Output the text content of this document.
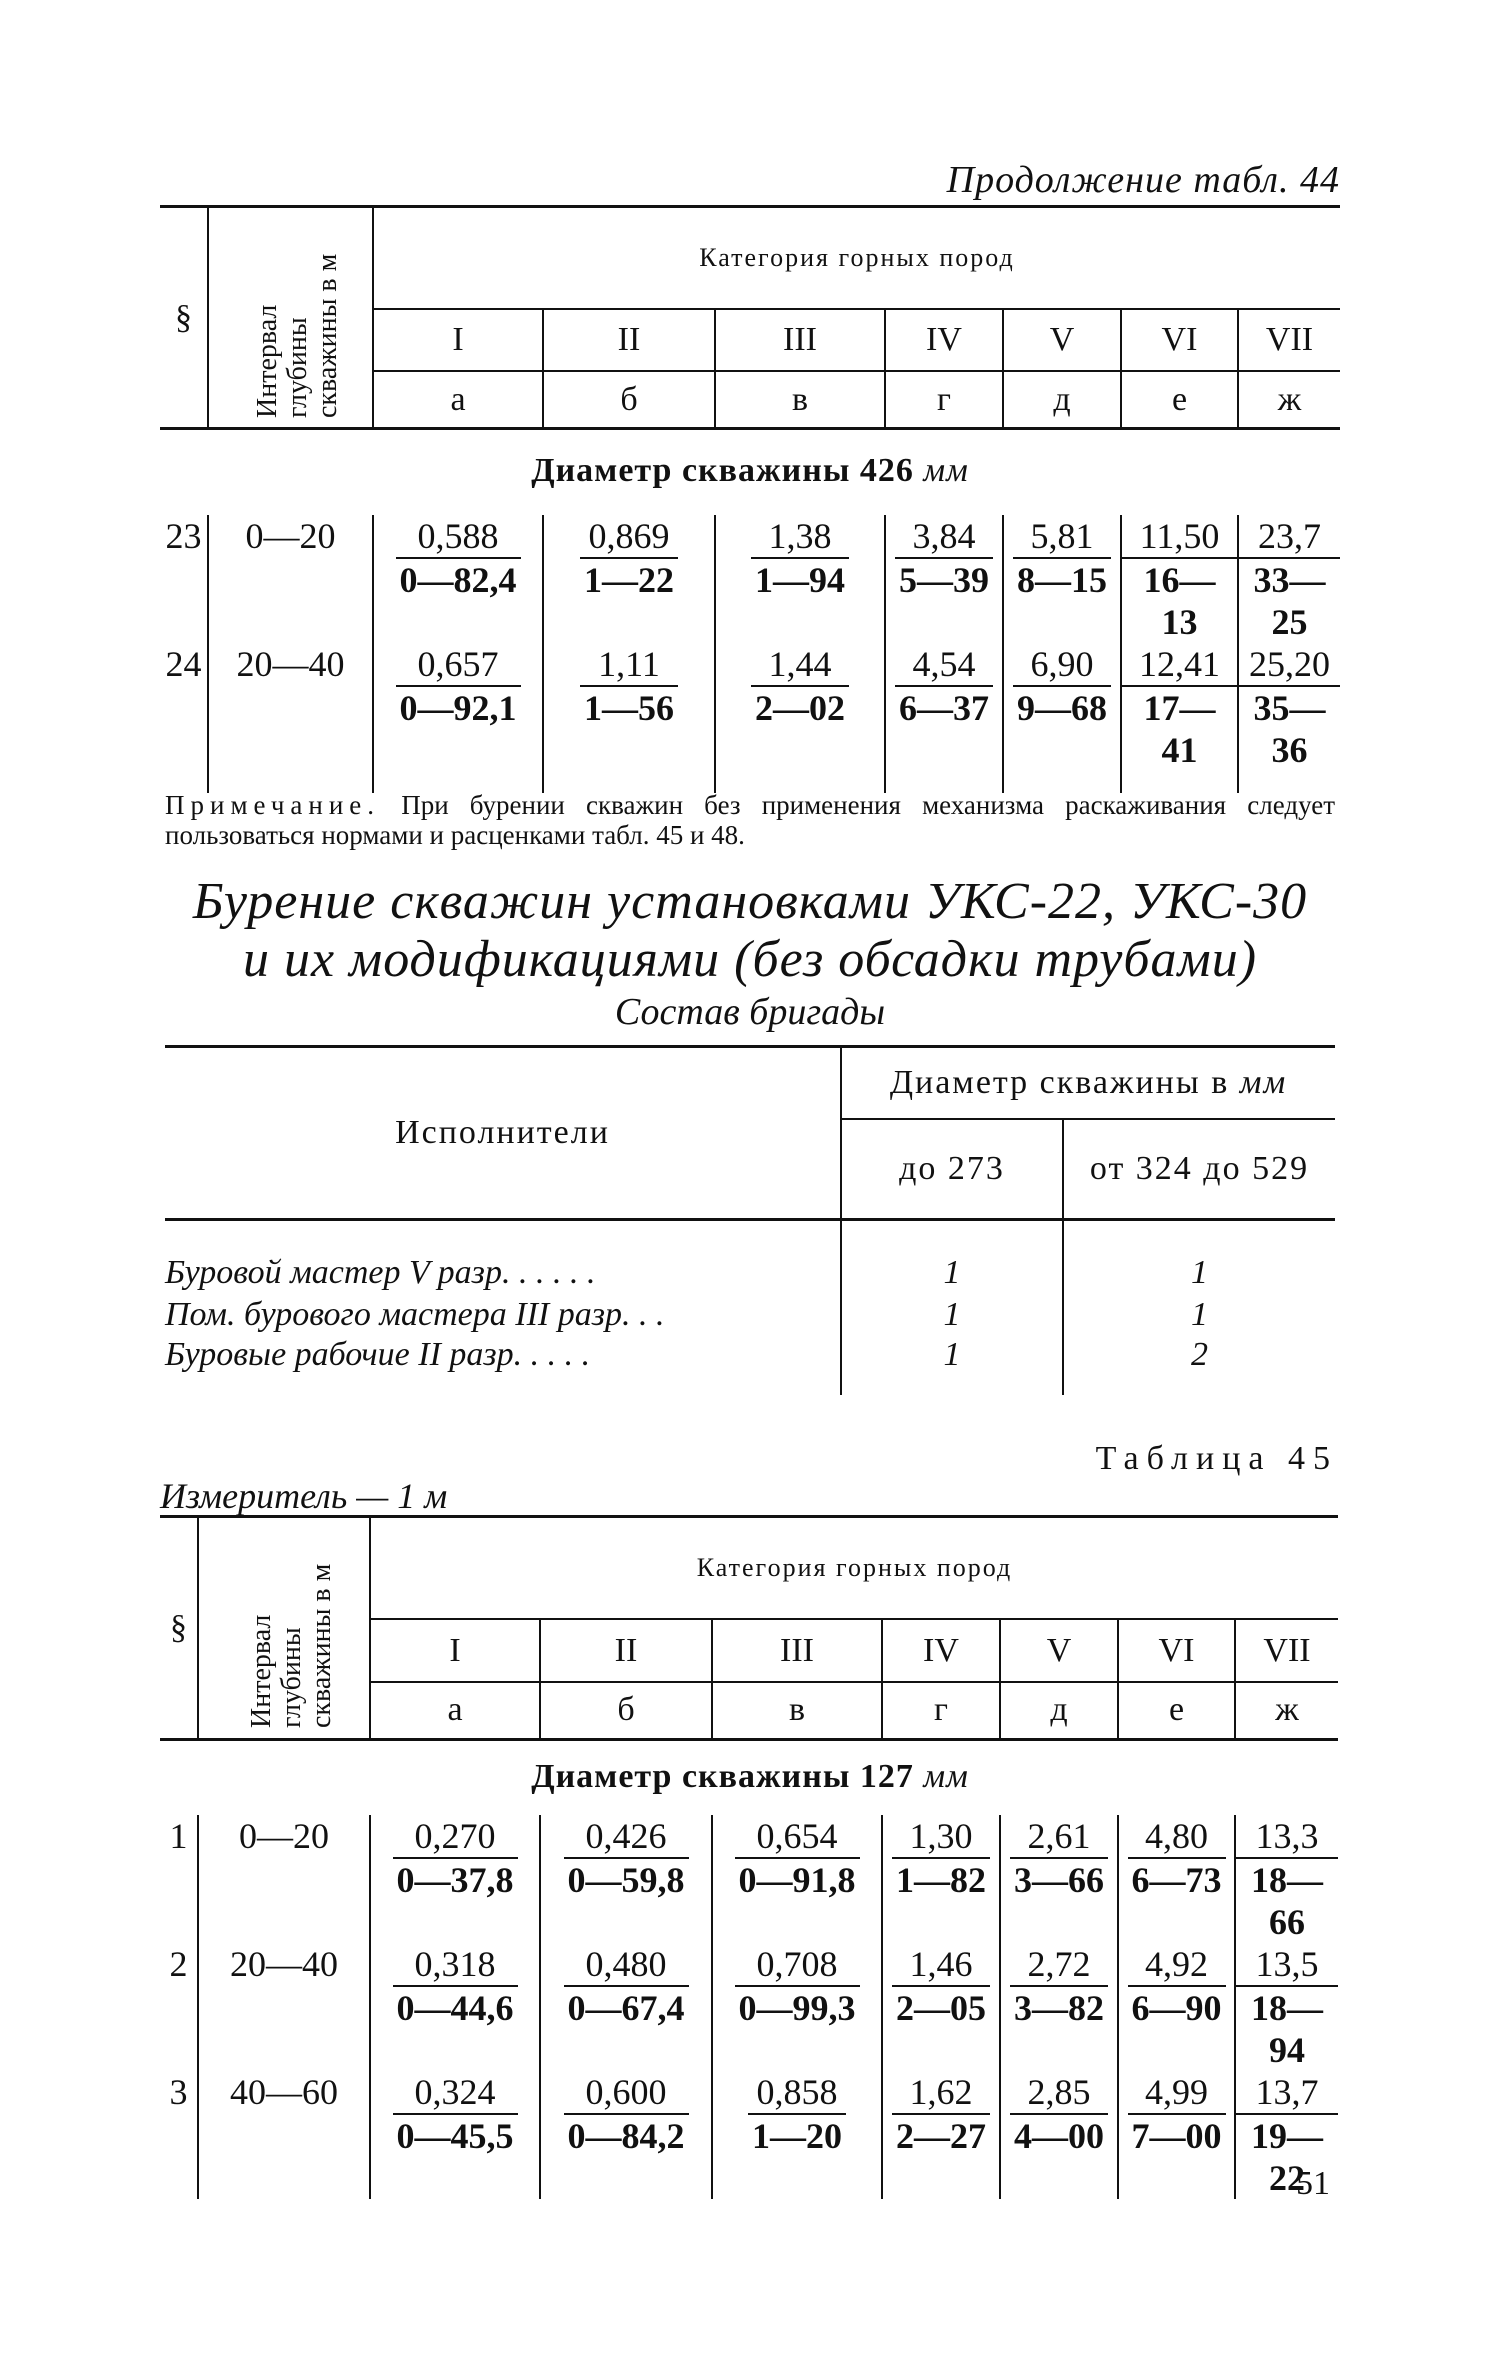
Продолжение табл. 44
§	Интервал глубины скважины в м	Категория горных пород						
		I	II	III	IV	V	VI	VII
		а	б	в	г	д	е	ж
Диаметр скважины 426 мм
23	0—20	$\frac{0,588}{0—82,4}$	$\frac{0,869}{1—22}$	$\frac{1,38}{1—94}$	$\frac{3,84}{5—39}$	$\frac{5,81}{8—15}$	$\frac{11,50}{16—13}$	$\frac{23,7}{33—25}$

24	20—40	$\frac{0,657}{0—92,1}$	$\frac{1,11}{1—56}$	$\frac{1,44}{2—02}$	$\frac{4,54}{6—37}$	$\frac{6,90}{9—68}$	$\frac{12,41}{17—41}$	$\frac{25,20}{35—36}$
Примечание. При бурении скважин без применения механизма раскаживания следует пользоваться нормами и расценками табл. 45 и 48.
Бурение скважин установками УКС-22, УКС-30
и их модификациями (без обсадки трубами)
Состав бригады
Исполнители	Диаметр скважины в мм	
	до 273	от 324 до 529
Буровой мастер V разр. . . . . .	1	1
Пом. бурового мастера III разр. . .	1	1
Буровые рабочие II разр. . . . .	1	2
Таблица 45
Измеритель — 1 м
§	Интервал глубины скважины в м	Категория горных пород						
		I	II	III	IV	V	VI	VII
		а	б	в	г	д	е	ж
Диаметр скважины 127 мм
1	0—20	$\frac{0,270}{0—37,8}$	$\frac{0,426}{0—59,8}$	$\frac{0,654}{0—91,8}$	$\frac{1,30}{1—82}$	$\frac{2,61}{3—66}$	$\frac{4,80}{6—73}$	$\frac{13,3}{18—66}$

2	20—40	$\frac{0,318}{0—44,6}$	$\frac{0,480}{0—67,4}$	$\frac{0,708}{0—99,3}$	$\frac{1,46}{2—05}$	$\frac{2,72}{3—82}$	$\frac{4,92}{6—90}$	$\frac{13,5}{18—94}$

3	40—60	$\frac{0,324}{0—45,5}$	$\frac{0,600}{0—84,2}$	$\frac{0,858}{1—20}$	$\frac{1,62}{2—27}$	$\frac{2,85}{4—00}$	$\frac{4,99}{7—00}$	$\frac{13,7}{19—22}$
51
